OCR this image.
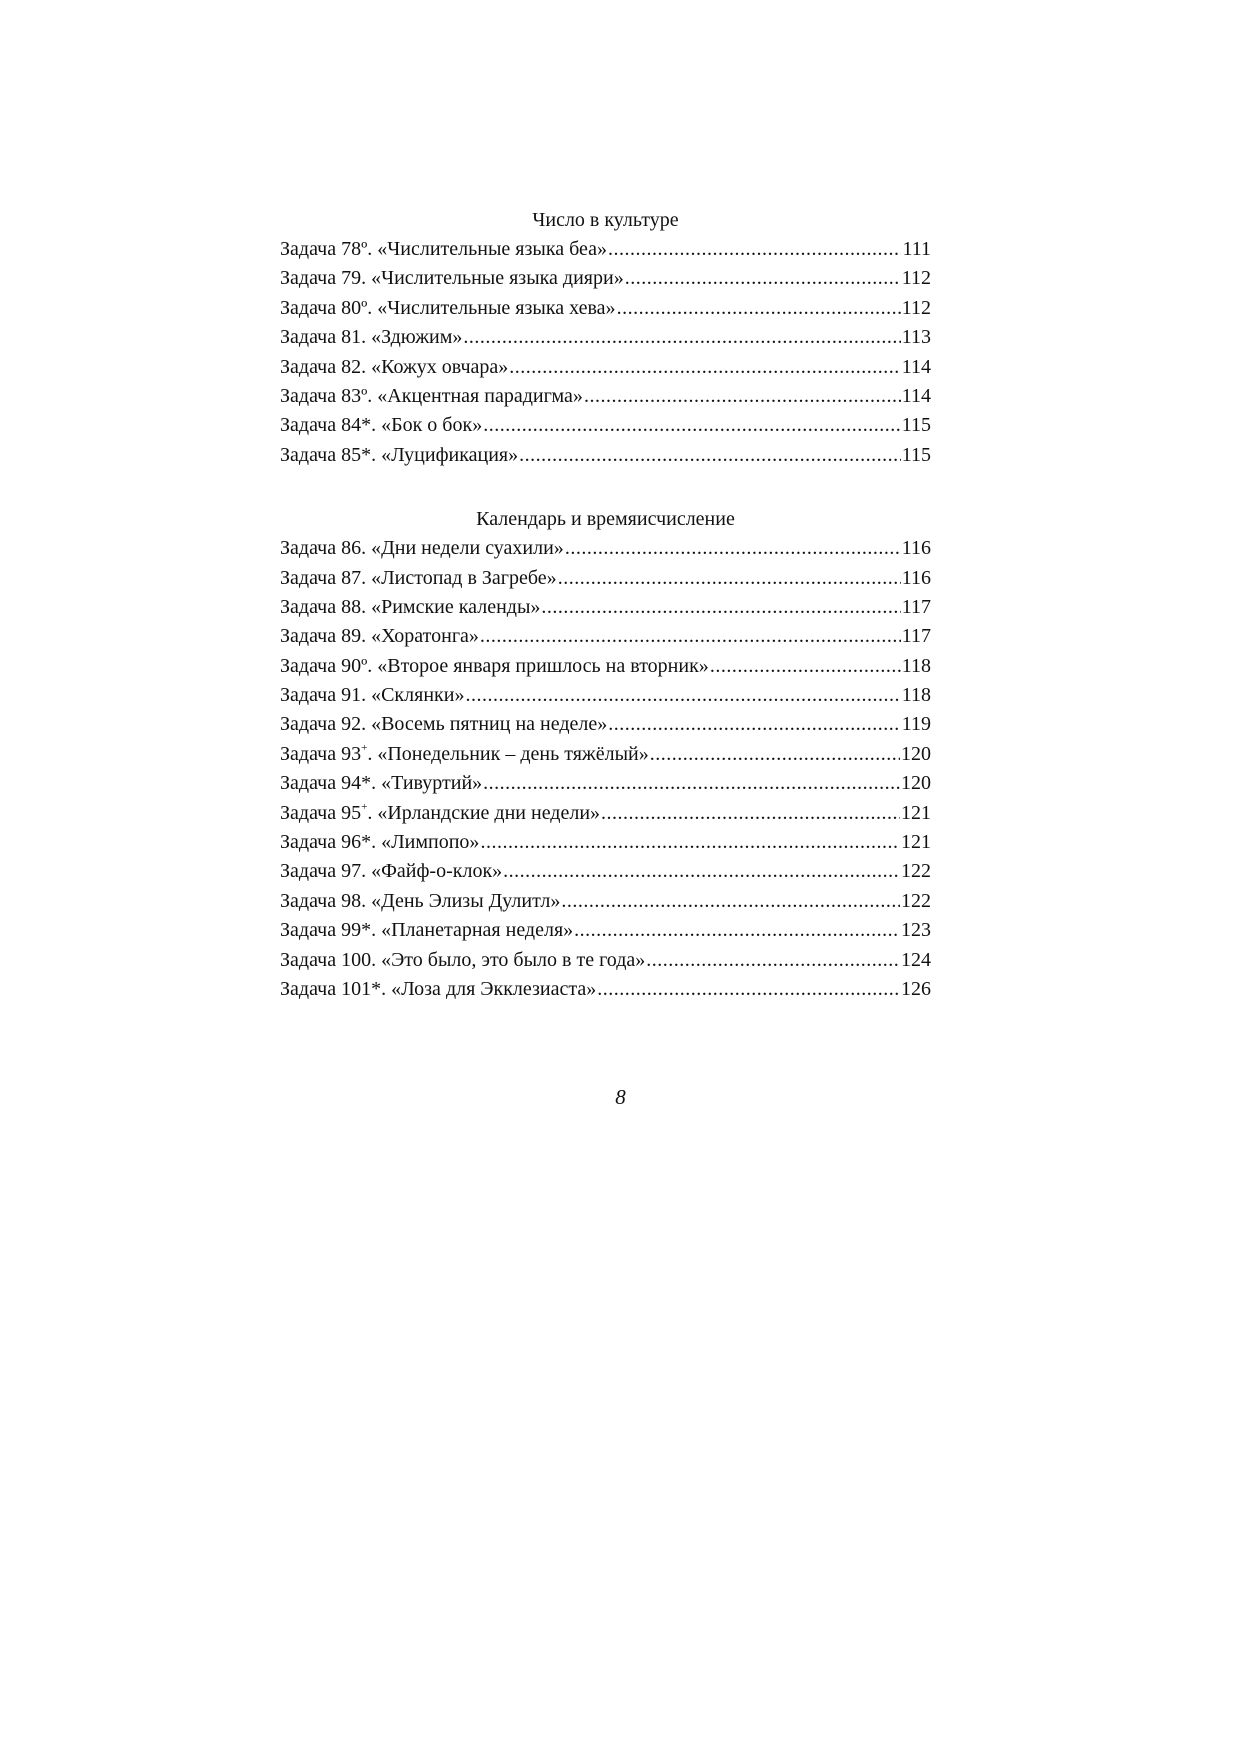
Число в культуре
Задача 78º. «Числительные языка беа» .....	111
Задача 79. «Числительные языка дияри» .....	112
Задача 80º. «Числительные языка хева» .....	112
Задача 81. «Здюжим» .....	113
Задача 82. «Кожух овчара» .....	114
Задача 83º. «Акцентная парадигма» .....	114
Задача 84*. «Бок о бок» .....	115
Задача 85*. «Луцификация» .....	115
Календарь и времяисчисление
Задача 86. «Дни недели суахили» .....	116
Задача 87. «Листопад в Загребе» .....	116
Задача 88. «Римские календы» .....	117
Задача 89. «Хоратонга» .....	117
Задача 90º. «Второе января пришлось на вторник» .....	118
Задача 91. «Склянки» .....	118
Задача 92. «Восемь пятниц на неделе» .....	119
Задача 93+. «Понедельник – день тяжёлый» .....	120
Задача 94*. «Тивуртий» .....	120
Задача 95+. «Ирландские дни недели» .....	121
Задача 96*. «Лимпопо» .....	121
Задача 97. «Файф-о-клок» .....	122
Задача 98. «День Элизы Дулитл» .....	122
Задача 99*. «Планетарная неделя» .....	123
Задача 100. «Это было, это было в те года» .....	124
Задача 101*. «Лоза для Экклезиаста» .....	126
8
